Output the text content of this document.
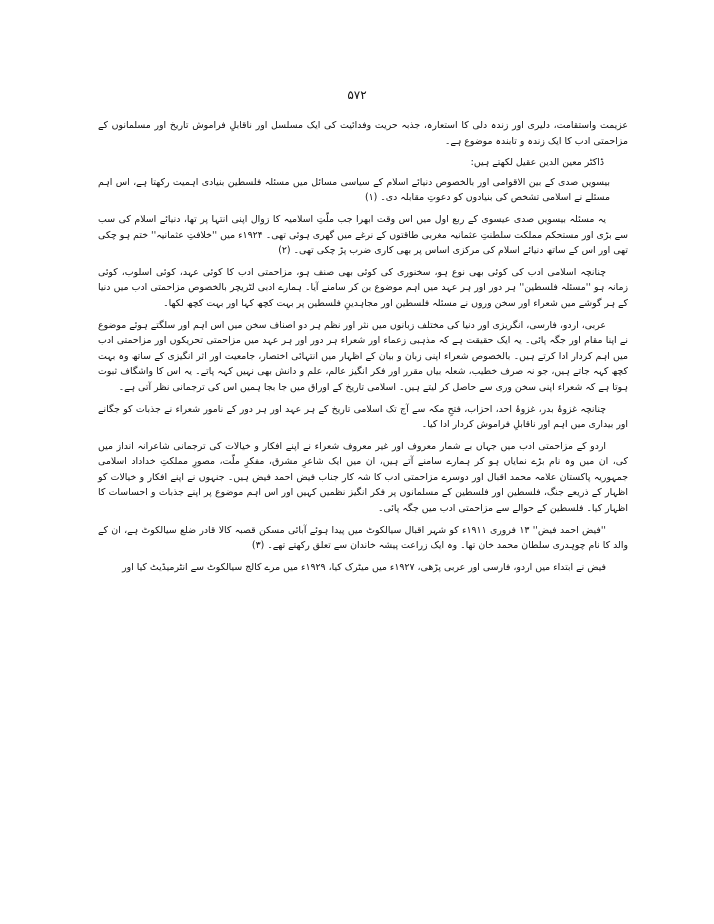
۵۷۲

عزیمت واستقامت، دلیری اور زندہ دلی کا استعارہ، جذبہ حریت وفدائیت کی ایک مسلسل اور ناقابلِ فراموش تاریخ اور مسلمانوں کے مزاحمتی ادب کا ایک زندہ و تابندہ موضوع ہے۔

ڈاکٹر معین الدین عقیل لکھتے ہیں:

بیسویں صدی کے بین الاقوامی اور بالخصوص دنیائے اسلام کے سیاسی مسائل میں مسئلہ فلسطین بنیادی اہمیت رکھتا ہے، اس اہم مسئلے نے اسلامی تشخص کی بنیادوں کو دعوتِ مقابلہ دی۔ (۱)

یہ مسئلہ بیسویں صدی عیسوی کے ربع اول میں اس وقت ابھرا جب ملّتِ اسلامیہ کا زوال اپنی انتہا پر تھا، دنیائے اسلام کی سب سے بڑی اور مستحکم مملکت سلطنتِ عثمانیہ مغربی طاقتوں کے نرغے میں گھری ہوئی تھی۔ ۱۹۲۴ء میں ''خلافتِ عثمانیہ'' ختم ہو چکی تھی اور اس کے ساتھ دنیائے اسلام کی مرکزی اساس پر بھی کاری ضرب پڑ چکی تھی۔ (۲)

چنانچہ اسلامی ادب کی کوئی بھی نوع ہو، سخنوری کی کوئی بھی صنف ہو، مزاحمتی ادب کا کوئی عہد، کوئی اسلوب، کوئی زمانہ ہو ''مسئلہ فلسطین'' ہر دور اور ہر عہد میں اہم موضوع بن کر سامنے آیا۔ ہمارے ادبی لٹریچر بالخصوص مزاحمتی ادب میں دنیا کے ہر گوشے میں شعراء اور سخن وروں نے مسئلہ فلسطین اور مجاہدینِ فلسطین پر بہت کچھ کہا اور بہت کچھ لکھا۔

عربی، اردو، فارسی، انگریزی اور دنیا کی مختلف زبانوں میں نثر اور نظم ہر دو اصناف سخن میں اس اہم اور سلگتے ہوئے موضوع نے اپنا مقام اور جگہ پائی۔ یہ ایک حقیقت ہے کہ مذہبی زعماء اور شعراء ہر دور اور ہر عہد میں مزاحمتی تحریکوں اور مزاحمتی ادب میں اہم کردار ادا کرتے ہیں۔ بالخصوص شعراء اپنی زبان و بیان کے اظہار میں انتہائی اختصار، جامعیت اور اثر انگیزی کے ساتھ وہ بہت کچھ کہہ جاتے ہیں، جو نہ صرف خطیب، شعلہ بیاں مقرر اور فکر انگیز عالم، علم و دانش بھی نہیں کہہ پاتے۔ یہ اس کا واشگاف ثبوت ہوتا ہے کہ شعراء اپنی سخن وری سے حاصل کر لیتے ہیں۔ اسلامی تاریخ کے اوراق میں جا بجا ہمیں اس کی ترجمانی نظر آتی ہے۔

چنانچہ غزوۂ بدر، غزوۂ احد، احزاب، فتحِ مکہ سے آج تک اسلامی تاریخ کے ہر عہد اور ہر دور کے نامور شعراء نے جذبات کو جگانے اور بیداری میں اہم اور ناقابلِ فراموش کردار ادا کیا۔

اردو کے مزاحمتی ادب میں جہاں بے شمار معروف اور غیر معروف شعراء نے اپنے افکار و خیالات کی ترجمانی شاعرانہ انداز میں کی، ان میں وہ نام بڑے نمایاں ہو کر ہمارے سامنے آتے ہیں، ان میں ایک شاعرِ مشرق، مفکرِ ملّت، مصورِ مملکتِ خداداد اسلامی جمہوریہ پاکستان علامہ محمد اقبال اور دوسرے مزاحمتی ادب کا شہ کار جناب فیض احمد فیض ہیں۔ جنہوں نے اپنے افکار و خیالات کو اظہار کے ذریعے جنگ، فلسطین اور فلسطین کے مسلمانوں پر فکر انگیز نظمیں کہیں اور اس اہم موضوع پر اپنے جذبات و احساسات کا اظہار کیا۔ فلسطین کے حوالے سے مزاحمتی ادب میں جگہ پائی۔

''فیض احمد فیض'' ۱۳ فروری ۱۹۱۱ء کو شہر اقبال سیالکوٹ میں پیدا ہوئے آبائی مسکن قصبہ کالا قادر ضلع سیالکوٹ ہے، ان کے والد کا نام چوہدری سلطان محمد خان تھا۔ وہ ایک زراعت پیشہ خاندان سے تعلق رکھتے تھے۔ (۳)

فیض نے ابتداء میں اردو، فارسی اور عربی پڑھی، ۱۹۲۷ء میں میٹرک کیا، ۱۹۲۹ء میں مرے کالج سیالکوٹ سے انٹرمیڈیٹ کیا اور
